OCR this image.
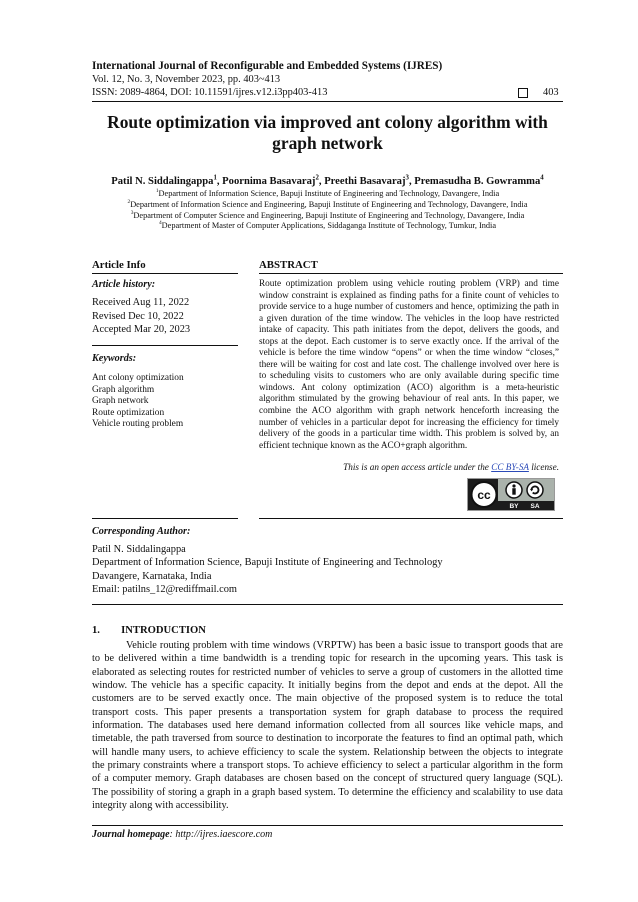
International Journal of Reconfigurable and Embedded Systems (IJRES)
Vol. 12, No. 3, November 2023, pp. 403~413
ISSN: 2089-4864, DOI: 10.11591/ijres.v12.i3pp403-413	403
Route optimization via improved ant colony algorithm with graph network
Patil N. Siddalingappa$^1$, Poornima Basavaraj$^2$, Preethi Basavaraj$^3$, Premasudha B. Gowramma$^4$
$^1$Department of Information Science, Bapuji Institute of Engineering and Technology, Davangere, India
$^2$Department of Information Science and Engineering, Bapuji Institute of Engineering and Technology, Davangere, India
$^3$Department of Computer Science and Engineering, Bapuji Institute of Engineering and Technology, Davangere, India
$^4$Department of Master of Computer Applications, Siddaganga Institute of Technology, Tumkur, India
Article Info
Article history:
Received Aug 11, 2022
Revised Dec 10, 2022
Accepted Mar 20, 2023
Keywords:
Ant colony optimization
Graph algorithm
Graph network
Route optimization
Vehicle routing problem
ABSTRACT
Route optimization problem using vehicle routing problem (VRP) and time window constraint is explained as finding paths for a finite count of vehicles to provide service to a huge number of customers and hence, optimizing the path in a given duration of the time window. The vehicles in the loop have restricted intake of capacity. This path initiates from the depot, delivers the goods, and stops at the depot. Each customer is to serve exactly once. If the arrival of the vehicle is before the time window “opens” or when the time window “closes,” there will be waiting for cost and late cost. The challenge involved over here is to scheduling visits to customers who are only available during specific time windows. Ant colony optimization (ACO) algorithm is a meta-heuristic algorithm stimulated by the growing behaviour of real ants. In this paper, we combine the ACO algorithm with graph network henceforth increasing the number of vehicles in a particular depot for increasing the efficiency for timely delivery of the goods in a particular time width. This problem is solved by, an efficient technique known as the ACO+graph algorithm.
This is an open access article under the CC BY-SA license.
cc
BY SA
Corresponding Author:
Patil N. Siddalingappa
Department of Information Science, Bapuji Institute of Engineering and Technology
Davangere, Karnataka, India
Email: patilns_12@rediffmail.com
1.        INTRODUCTION
Vehicle routing problem with time windows (VRPTW) has been a basic issue to transport goods that are to be delivered within a time bandwidth is a trending topic for research in the upcoming years. This task is elaborated as selecting routes for restricted number of vehicles to serve a group of customers in the allotted time window. The vehicle has a specific capacity. It initially begins from the depot and ends at the depot. All the customers are to be served exactly once. The main objective of the proposed system is to reduce the total transport costs. This paper presents a transportation system for graph database to process the required information. The databases used here demand information collected from all sources like vehicle maps, and timetable, the path traversed from source to destination to incorporate the features to find an optimal path, which will handle many users, to achieve efficiency to scale the system. Relationship between the objects to integrate the primary constraints where a transport stops. To achieve efficiency to select a particular algorithm in the form of a computer memory. Graph databases are chosen based on the concept of structured query language (SQL). The possibility of storing a graph in a graph based system. To determine the efficiency and scalability to use data integrity along with accessibility.
Journal homepage: http://ijres.iaescore.com
